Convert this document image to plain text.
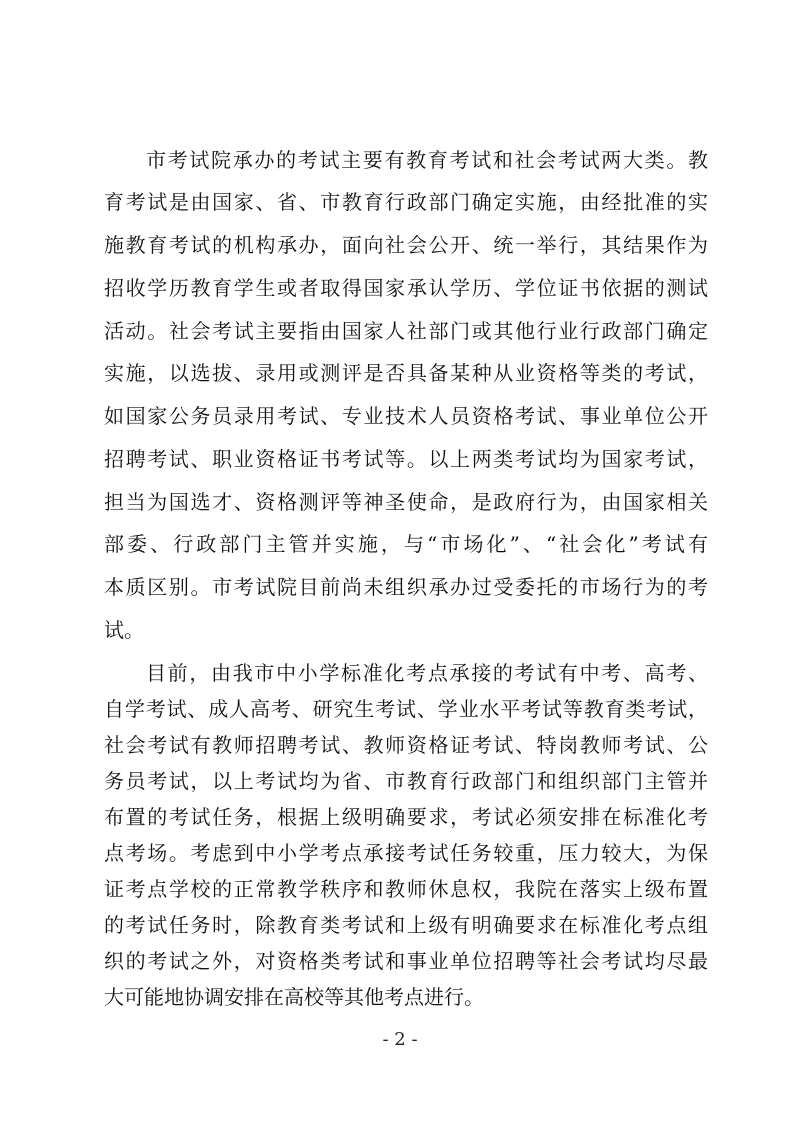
市考试院承办的考试主要有教育考试和社会考试两大类。教
育考试是由国家、省、市教育行政部门确定实施，由经批准的实
施教育考试的机构承办，面向社会公开、统一举行，其结果作为
招收学历教育学生或者取得国家承认学历、学位证书依据的测试
活动。社会考试主要指由国家人社部门或其他行业行政部门确定
实施，以选拔、录用或测评是否具备某种从业资格等类的考试，
如国家公务员录用考试、专业技术人员资格考试、事业单位公开
招聘考试、职业资格证书考试等。以上两类考试均为国家考试，
担当为国选才、资格测评等神圣使命，是政府行为，由国家相关
部委、行政部门主管并实施，与“市场化”、“社会化”考试有
本质区别。市考试院目前尚未组织承办过受委托的市场行为的考
试。
目前，由我市中小学标准化考点承接的考试有中考、高考、
自学考试、成人高考、研究生考试、学业水平考试等教育类考试，
社会考试有教师招聘考试、教师资格证考试、特岗教师考试、公
务员考试，以上考试均为省、市教育行政部门和组织部门主管并
布置的考试任务，根据上级明确要求，考试必须安排在标准化考
点考场。考虑到中小学考点承接考试任务较重，压力较大，为保
证考点学校的正常教学秩序和教师休息权，我院在落实上级布置
的考试任务时，除教育类考试和上级有明确要求在标准化考点组
织的考试之外，对资格类考试和事业单位招聘等社会考试均尽最
大可能地协调安排在高校等其他考点进行。
- 2 -
